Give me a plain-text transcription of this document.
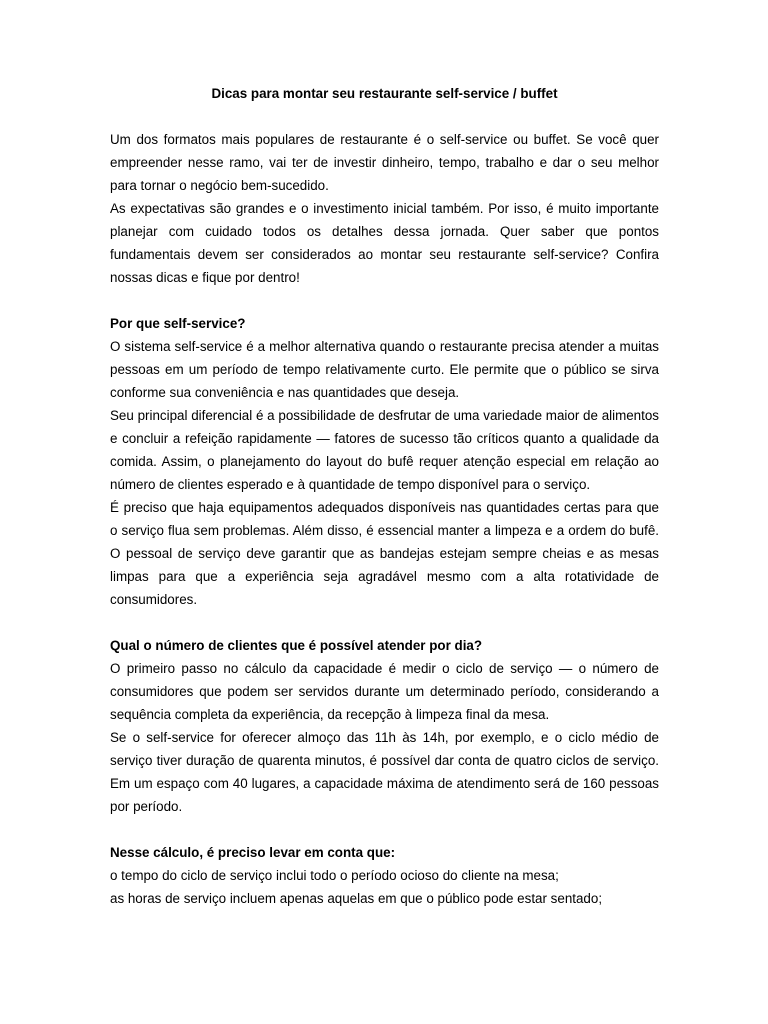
Dicas para montar seu restaurante self-service / buffet

Um dos formatos mais populares de restaurante é o self-service ou buffet. Se você quer empreender nesse ramo, vai ter de investir dinheiro, tempo, trabalho e dar o seu melhor para tornar o negócio bem-sucedido.

As expectativas são grandes e o investimento inicial também. Por isso, é muito importante planejar com cuidado todos os detalhes dessa jornada. Quer saber que pontos fundamentais devem ser considerados ao montar seu restaurante self-service? Confira nossas dicas e fique por dentro!

Por que self-service?

O sistema self-service é a melhor alternativa quando o restaurante precisa atender a muitas pessoas em um período de tempo relativamente curto. Ele permite que o público se sirva conforme sua conveniência e nas quantidades que deseja.

Seu principal diferencial é a possibilidade de desfrutar de uma variedade maior de alimentos e concluir a refeição rapidamente — fatores de sucesso tão críticos quanto a qualidade da comida. Assim, o planejamento do layout do bufê requer atenção especial em relação ao número de clientes esperado e à quantidade de tempo disponível para o serviço.

É preciso que haja equipamentos adequados disponíveis nas quantidades certas para que o serviço flua sem problemas. Além disso, é essencial manter a limpeza e a ordem do bufê. O pessoal de serviço deve garantir que as bandejas estejam sempre cheias e as mesas limpas para que a experiência seja agradável mesmo com a alta rotatividade de consumidores.

Qual o número de clientes que é possível atender por dia?

O primeiro passo no cálculo da capacidade é medir o ciclo de serviço — o número de consumidores que podem ser servidos durante um determinado período, considerando a sequência completa da experiência, da recepção à limpeza final da mesa.

Se o self-service for oferecer almoço das 11h às 14h, por exemplo, e o ciclo médio de serviço tiver duração de quarenta minutos, é possível dar conta de quatro ciclos de serviço. Em um espaço com 40 lugares, a capacidade máxima de atendimento será de 160 pessoas por período.

Nesse cálculo, é preciso levar em conta que:

o tempo do ciclo de serviço inclui todo o período ocioso do cliente na mesa;

as horas de serviço incluem apenas aquelas em que o público pode estar sentado;
